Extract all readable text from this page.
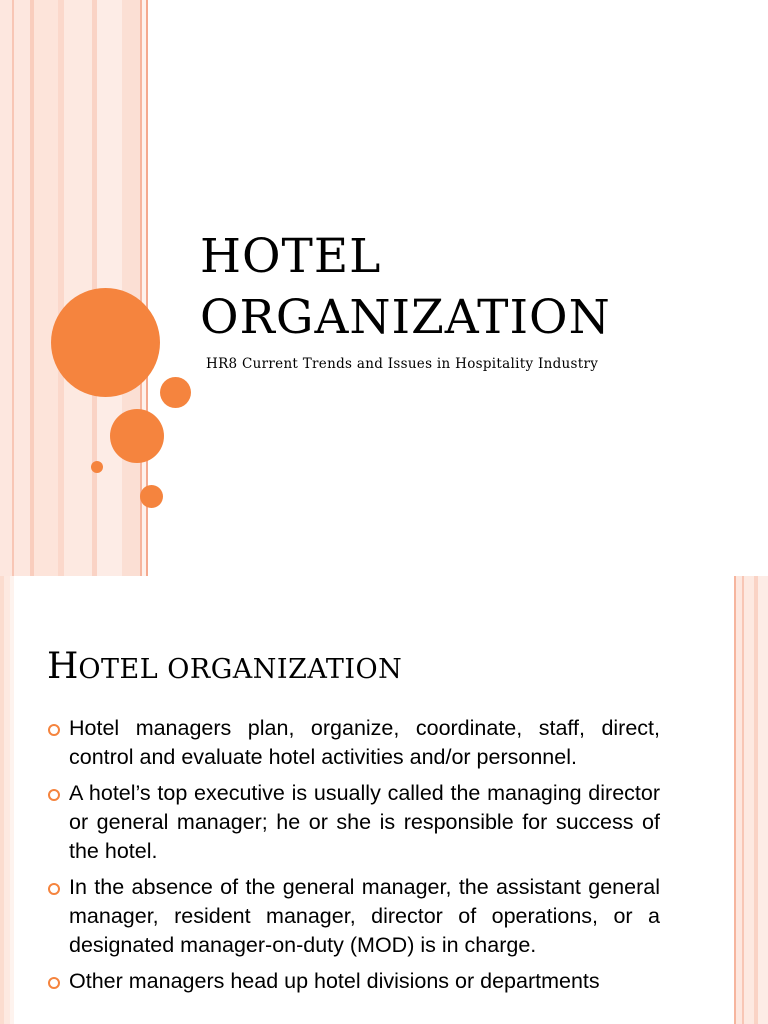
HOTEL
ORGANIZATION
HR8 Current Trends and Issues in Hospitality Industry
HOTEL ORGANIZATION
Hotel managers plan, organize, coordinate, staff, direct, control and evaluate hotel activities and/or personnel.
A hotel’s top executive is usually called the managing director or general manager; he or she is responsible for success of the hotel.
In the absence of the general manager, the assistant general manager, resident manager, director of operations, or a designated manager-on-duty (MOD) is in charge.
Other managers head up hotel divisions or departments
